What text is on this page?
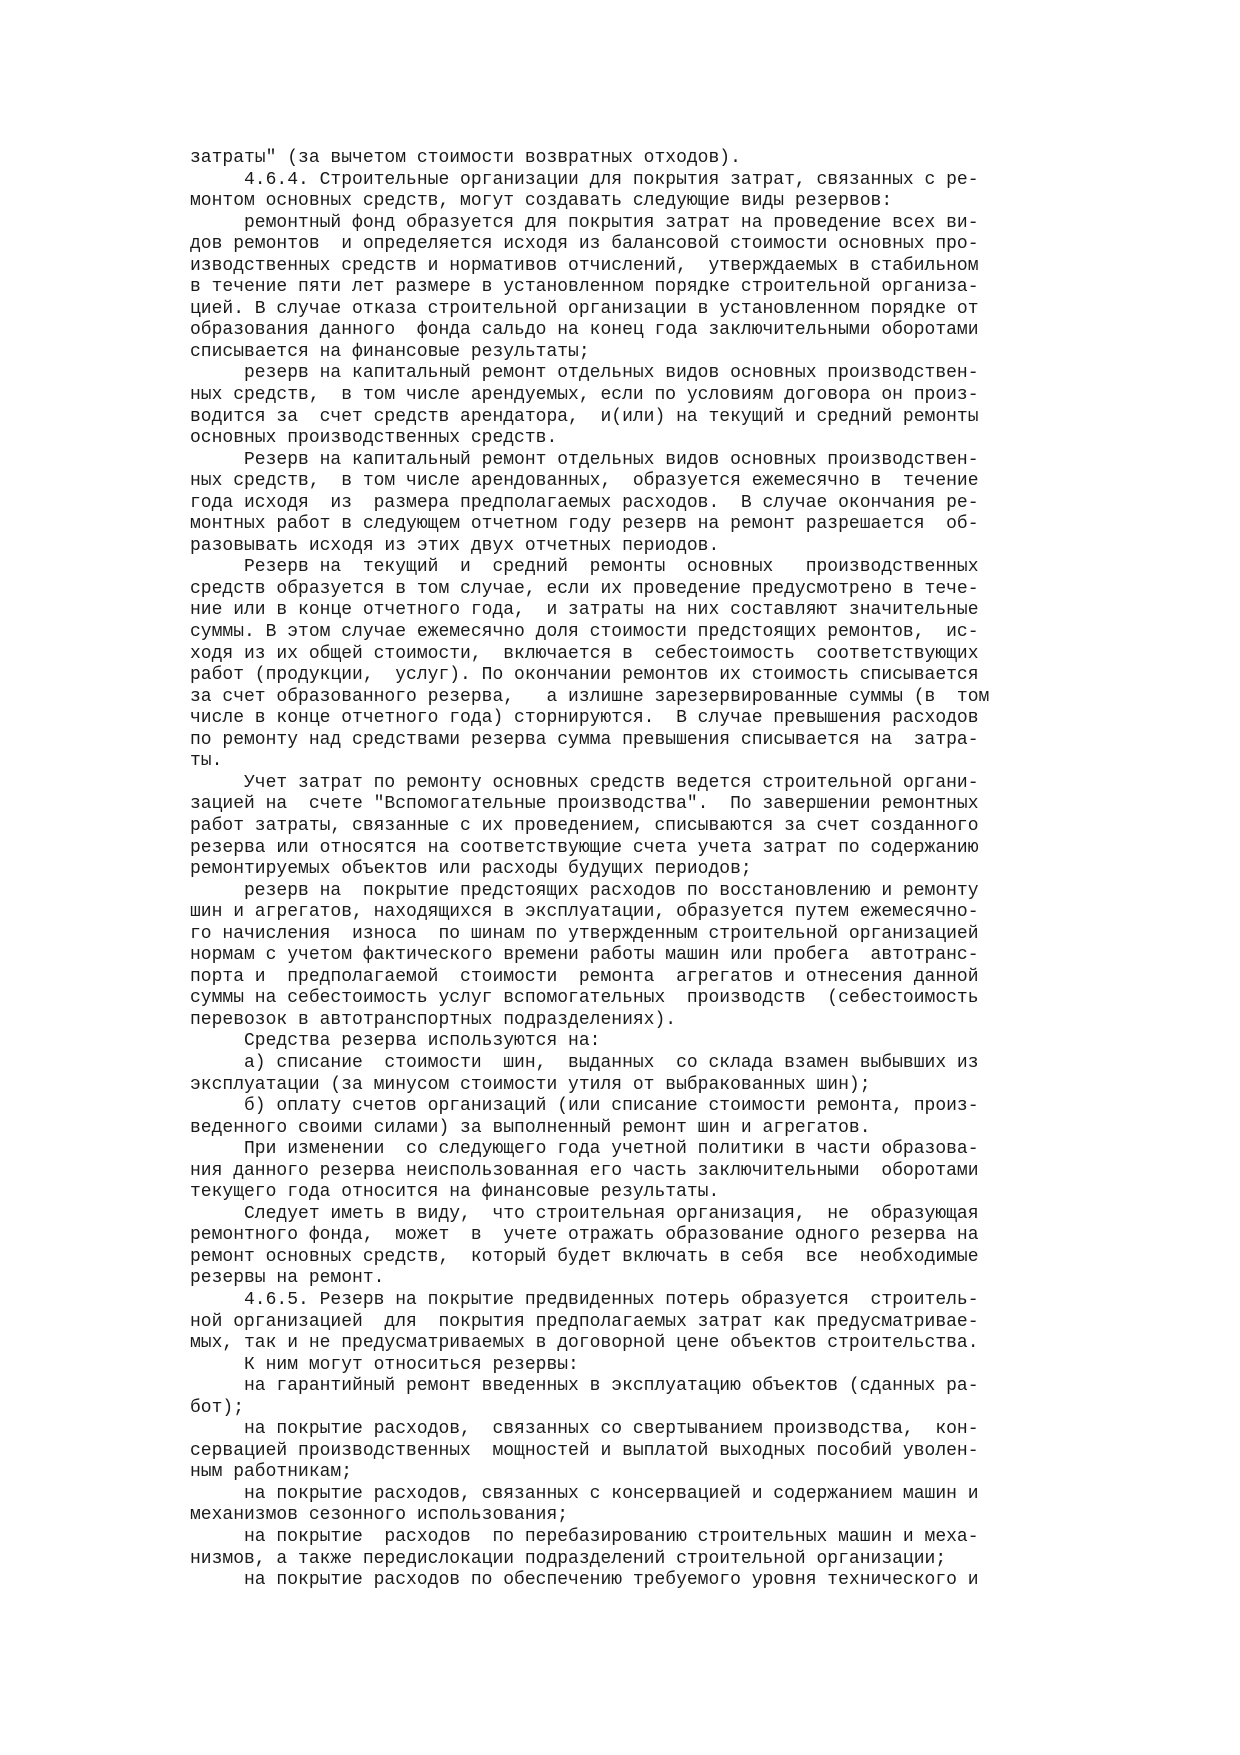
затраты" (за вычетом стоимости возвратных отходов).
4.6.4. Строительные организации для покрытия затрат, связанных с ре-
монтом основных средств, могут создавать следующие виды резервов:
ремонтный фонд образуется для покрытия затрат на проведение всех ви-
дов ремонтов  и определяется исходя из балансовой стоимости основных про-
изводственных средств и нормативов отчислений,  утверждаемых в стабильном
в течение пяти лет размере в установленном порядке строительной организа-
цией. В случае отказа строительной организации в установленном порядке от
образования данного  фонда сальдо на конец года заключительными оборотами
списывается на финансовые результаты;
резерв на капитальный ремонт отдельных видов основных производствен-
ных средств,  в том числе арендуемых, если по условиям договора он произ-
водится за  счет средств арендатора,  и(или) на текущий и средний ремонты
основных производственных средств.
Резерв на капитальный ремонт отдельных видов основных производствен-
ных средств,  в том числе арендованных,  образуется ежемесячно в  течение
года исходя  из  размера предполагаемых расходов.  В случае окончания ре-
монтных работ в следующем отчетном году резерв на ремонт разрешается  об-
разовывать исходя из этих двух отчетных периодов.
Резерв на  текущий  и  средний  ремонты  основных   производственных
средств образуется в том случае, если их проведение предусмотрено в тече-
ние или в конце отчетного года,  и затраты на них составляют значительные
суммы. В этом случае ежемесячно доля стоимости предстоящих ремонтов,  ис-
ходя из их общей стоимости,  включается в  себестоимость  соответствующих
работ (продукции,  услуг). По окончании ремонтов их стоимость списывается
за счет образованного резерва,   а излишне зарезервированные суммы (в  том
числе в конце отчетного года) сторнируются.  В случае превышения расходов
по ремонту над средствами резерва сумма превышения списывается на  затра-
ты.
Учет затрат по ремонту основных средств ведется строительной органи-
зацией на  счете "Вспомогательные производства".  По завершении ремонтных
работ затраты, связанные с их проведением, списываются за счет созданного
резерва или относятся на соответствующие счета учета затрат по содержанию
ремонтируемых объектов или расходы будущих периодов;
резерв на  покрытие предстоящих расходов по восстановлению и ремонту
шин и агрегатов, находящихся в эксплуатации, образуется путем ежемесячно-
го начисления  износа  по шинам по утвержденным строительной организацией
нормам с учетом фактического времени работы машин или пробега  автотранс-
порта и  предполагаемой  стоимости  ремонта  агрегатов и отнесения данной
суммы на себестоимость услуг вспомогательных  производств  (себестоимость
перевозок в автотранспортных подразделениях).
Средства резерва используются на:
а) списание  стоимости  шин,  выданных  со склада взамен выбывших из
эксплуатации (за минусом стоимости утиля от выбракованных шин);
б) оплату счетов организаций (или списание стоимости ремонта, произ-
веденного своими силами) за выполненный ремонт шин и агрегатов.
При изменении  со следующего года учетной политики в части образова-
ния данного резерва неиспользованная его часть заключительными  оборотами
текущего года относится на финансовые результаты.
Следует иметь в виду,  что строительная организация,  не  образующая
ремонтного фонда,  может  в  учете отражать образование одного резерва на
ремонт основных средств,  который будет включать в себя  все  необходимые
резервы на ремонт.
4.6.5. Резерв на покрытие предвиденных потерь образуется  строитель-
ной организацией  для  покрытия предполагаемых затрат как предусматривае-
мых, так и не предусматриваемых в договорной цене объектов строительства.
К ним могут относиться резервы:
на гарантийный ремонт введенных в эксплуатацию объектов (сданных ра-
бот);
на покрытие расходов,  связанных со свертыванием производства,  кон-
сервацией производственных  мощностей и выплатой выходных пособий уволен-
ным работникам;
на покрытие расходов, связанных с консервацией и содержанием машин и
механизмов сезонного использования;
на покрытие  расходов  по перебазированию строительных машин и меха-
низмов, а также передислокации подразделений строительной организации;
на покрытие расходов по обеспечению требуемого уровня технического и
